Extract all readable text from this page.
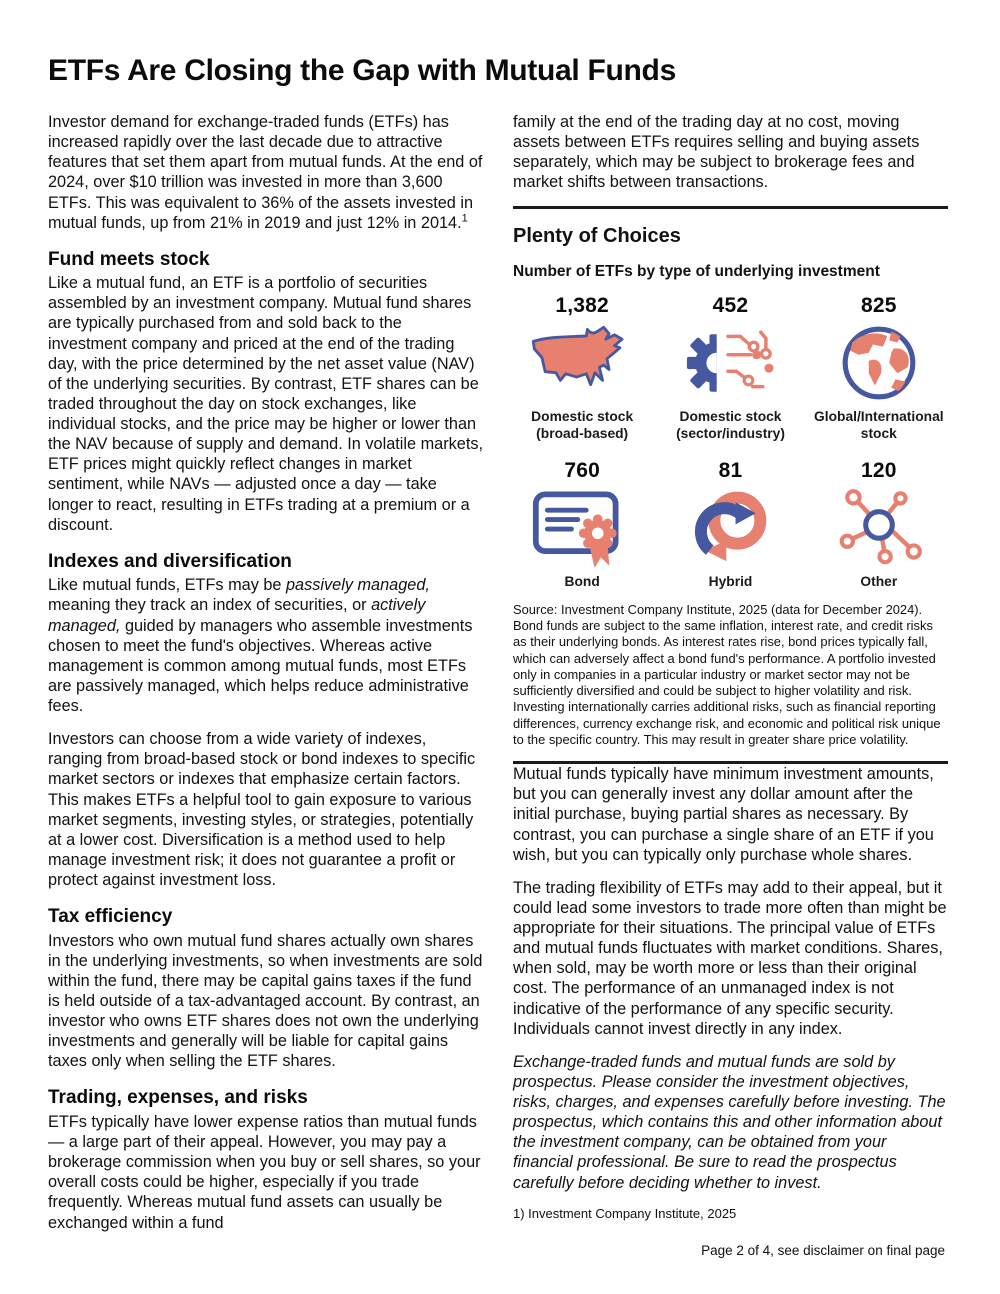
ETFs Are Closing the Gap with Mutual Funds

Investor demand for exchange-traded funds (ETFs) has increased rapidly over the last decade due to attractive features that set them apart from mutual funds. At the end of 2024, over $10 trillion was invested in more than 3,600 ETFs. This was equivalent to 36% of the assets invested in mutual funds, up from 21% in 2019 and just 12% in 2014.$^1$

Fund meets stock

Like a mutual fund, an ETF is a portfolio of securities assembled by an investment company. Mutual fund shares are typically purchased from and sold back to the investment company and priced at the end of the trading day, with the price determined by the net asset value (NAV) of the underlying securities. By contrast, ETF shares can be traded throughout the day on stock exchanges, like individual stocks, and the price may be higher or lower than the NAV because of supply and demand. In volatile markets, ETF prices might quickly reflect changes in market sentiment, while NAVs — adjusted once a day — take longer to react, resulting in ETFs trading at a premium or a discount.

Indexes and diversification

Like mutual funds, ETFs may be passively managed, meaning they track an index of securities, or actively managed, guided by managers who assemble investments chosen to meet the fund's objectives. Whereas active management is common among mutual funds, most ETFs are passively managed, which helps reduce administrative fees.

Investors can choose from a wide variety of indexes, ranging from broad-based stock or bond indexes to specific market sectors or indexes that emphasize certain factors. This makes ETFs a helpful tool to gain exposure to various market segments, investing styles, or strategies, potentially at a lower cost. Diversification is a method used to help manage investment risk; it does not guarantee a profit or protect against investment loss.

Tax efficiency

Investors who own mutual fund shares actually own shares in the underlying investments, so when investments are sold within the fund, there may be capital gains taxes if the fund is held outside of a tax-advantaged account. By contrast, an investor who owns ETF shares does not own the underlying investments and generally will be liable for capital gains taxes only when selling the ETF shares.

Trading, expenses, and risks

ETFs typically have lower expense ratios than mutual funds — a large part of their appeal. However, you may pay a brokerage commission when you buy or sell shares, so your overall costs could be higher, especially if you trade frequently. Whereas mutual fund assets can usually be exchanged within a fund

family at the end of the trading day at no cost, moving assets between ETFs requires selling and buying assets separately, which may be subject to brokerage fees and market shifts between transactions.

Plenty of Choices
Number of ETFs by type of underlying investment
1,382
Domestic stock
(broad-based)
452
Domestic stock
(sector/industry)
825
Global/International
stock
760
Bond
81
Hybrid
120
Other

Source: Investment Company Institute, 2025 (data for December 2024). Bond funds are subject to the same inflation, interest rate, and credit risks as their underlying bonds. As interest rates rise, bond prices typically fall, which can adversely affect a bond fund's performance. A portfolio invested only in companies in a particular industry or market sector may not be sufficiently diversified and could be subject to higher volatility and risk. Investing internationally carries additional risks, such as financial reporting differences, currency exchange risk, and economic and political risk unique to the specific country. This may result in greater share price volatility.

Mutual funds typically have minimum investment amounts, but you can generally invest any dollar amount after the initial purchase, buying partial shares as necessary. By contrast, you can purchase a single share of an ETF if you wish, but you can typically only purchase whole shares.

The trading flexibility of ETFs may add to their appeal, but it could lead some investors to trade more often than might be appropriate for their situations. The principal value of ETFs and mutual funds fluctuates with market conditions. Shares, when sold, may be worth more or less than their original cost. The performance of an unmanaged index is not indicative of the performance of any specific security. Individuals cannot invest directly in any index.

Exchange-traded funds and mutual funds are sold by prospectus. Please consider the investment objectives, risks, charges, and expenses carefully before investing. The prospectus, which contains this and other information about the investment company, can be obtained from your financial professional. Be sure to read the prospectus carefully before deciding whether to invest.

1) Investment Company Institute, 2025

Page 2 of 4, see disclaimer on final page
